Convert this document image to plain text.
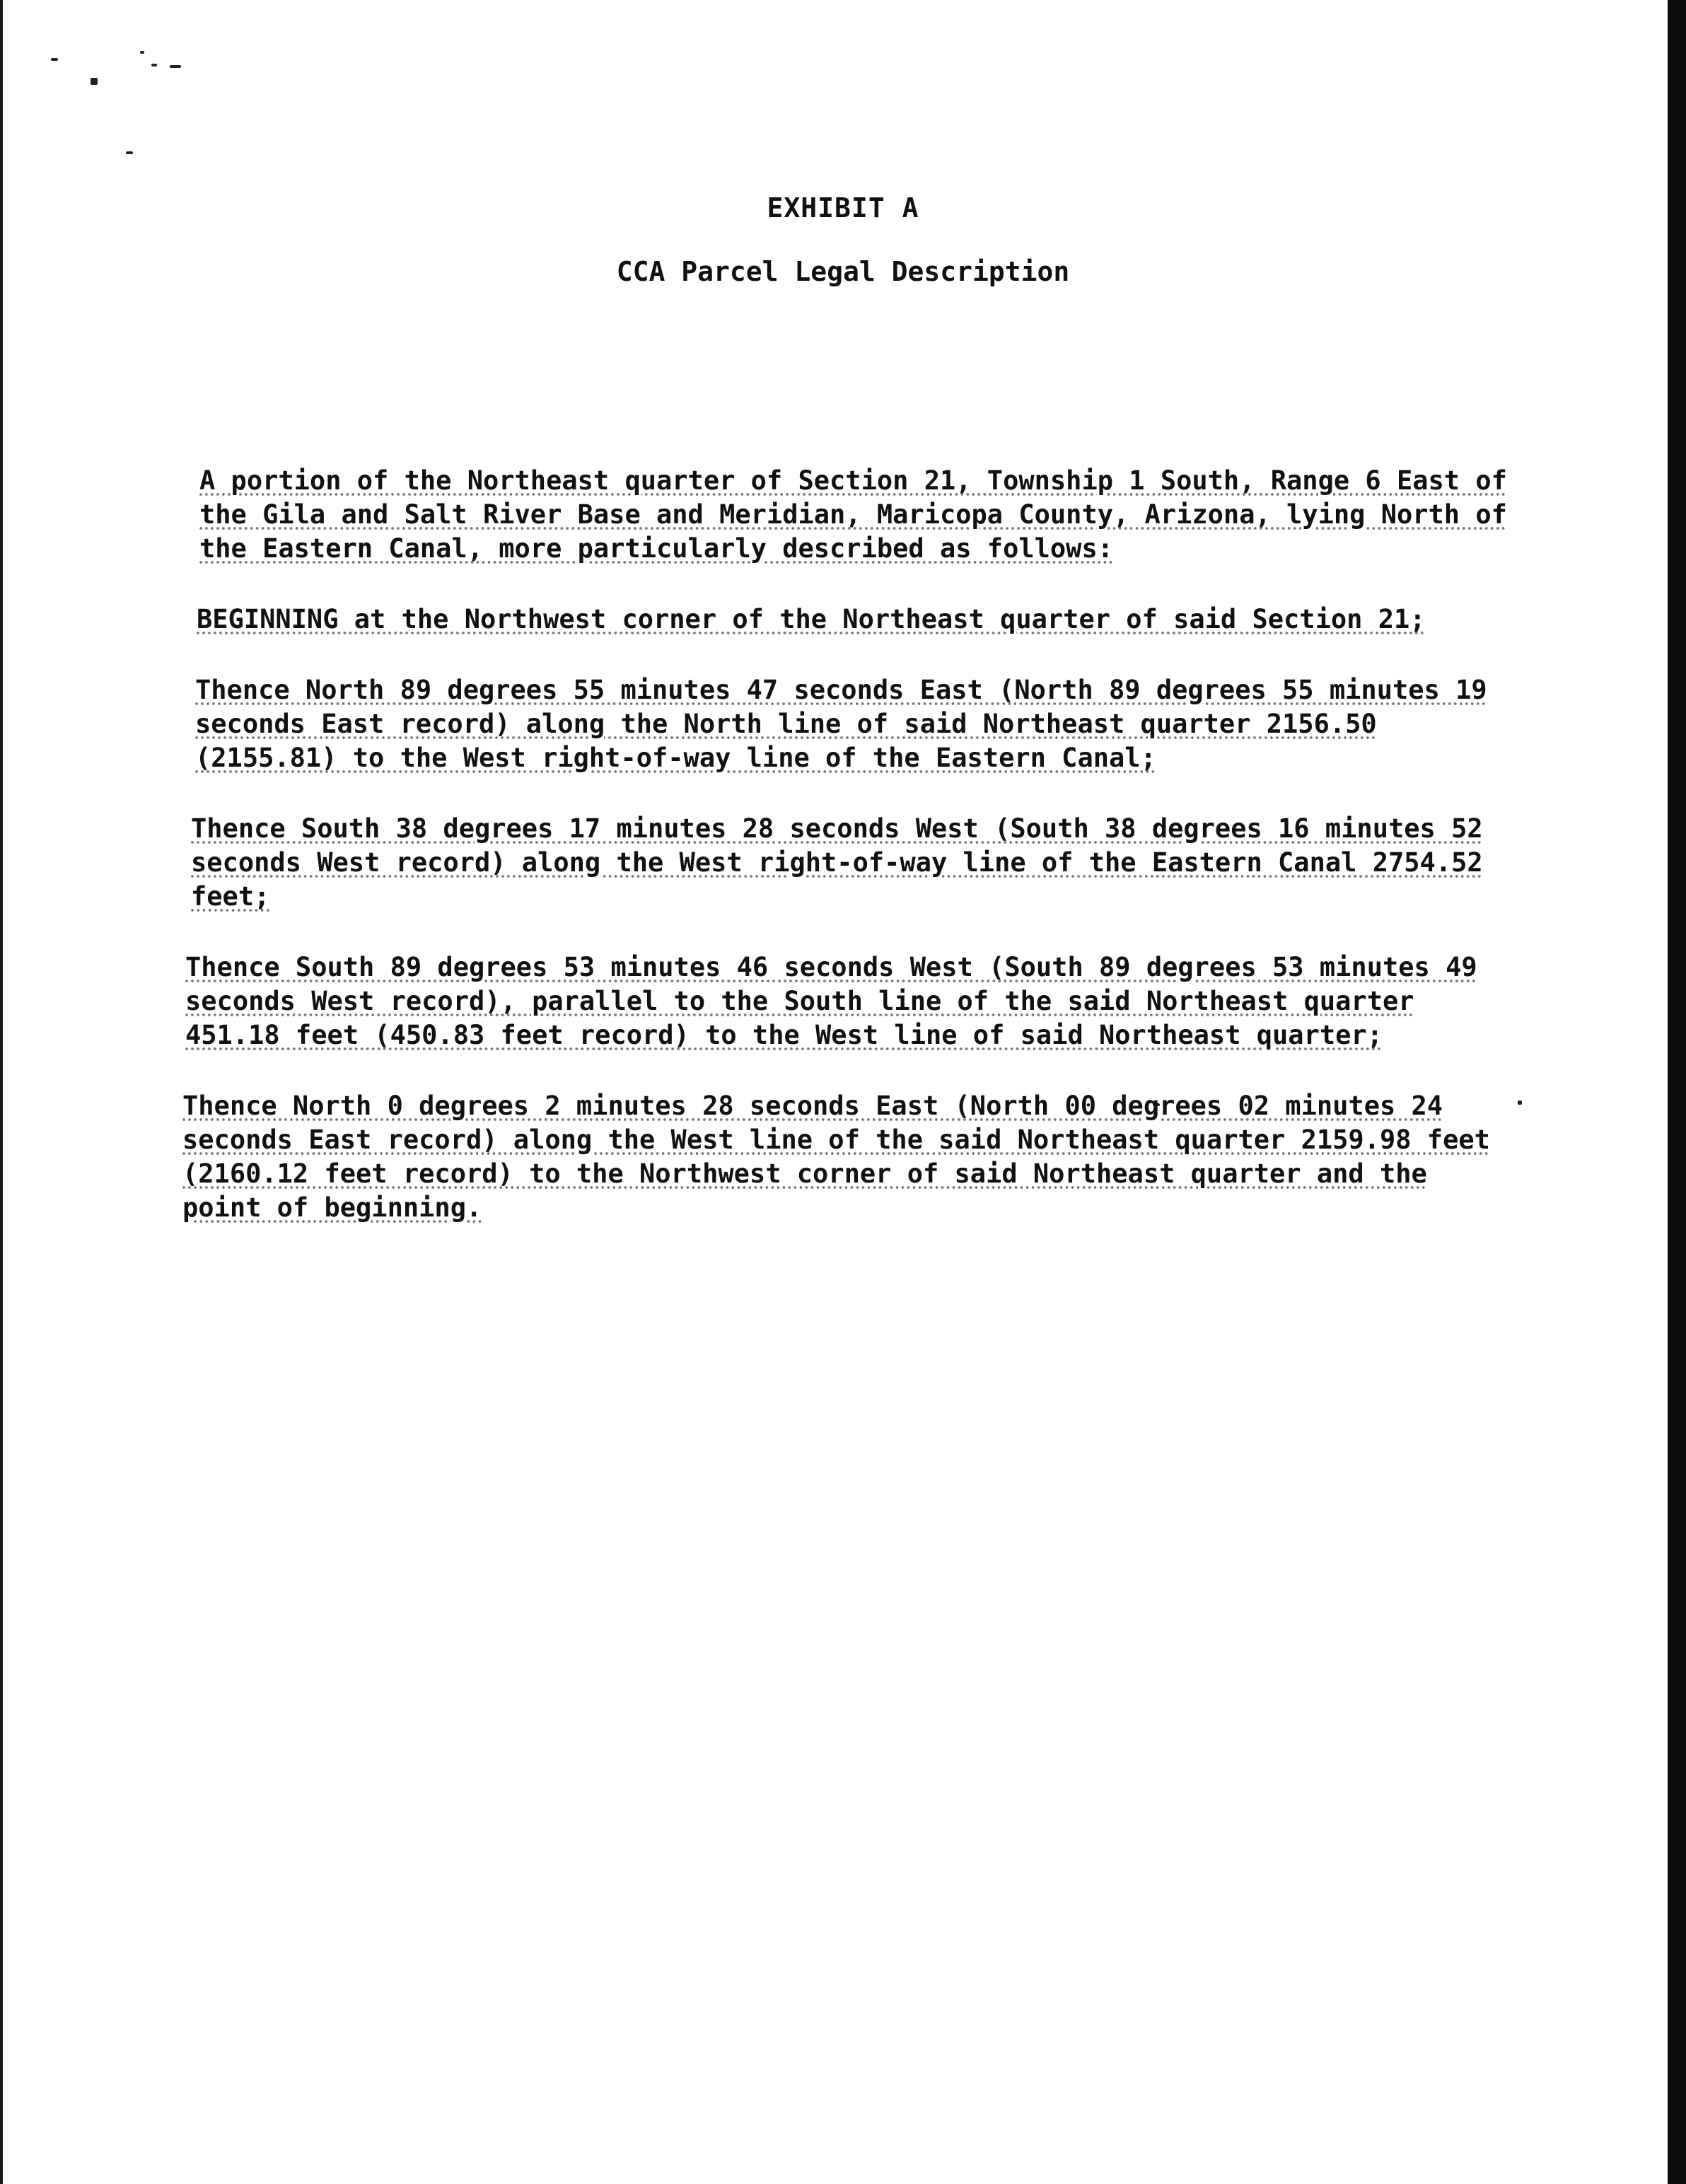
EXHIBIT A
CCA Parcel Legal Description

A portion of the Northeast quarter of Section 21, Township 1 South, Range 6 East of the Gila and Salt River Base and Meridian, Maricopa County, Arizona, lying North of the Eastern Canal, more particularly described as follows:

BEGINNING at the Northwest corner of the Northeast quarter of said Section 21;

Thence North 89 degrees 55 minutes 47 seconds East (North 89 degrees 55 minutes 19 seconds East record) along the North line of said Northeast quarter 2156.50 (2155.81) to the West right-of-way line of the Eastern Canal;

Thence South 38 degrees 17 minutes 28 seconds West (South 38 degrees 16 minutes 52 seconds West record) along the West right-of-way line of the Eastern Canal 2754.52 feet;

Thence South 89 degrees 53 minutes 46 seconds West (South 89 degrees 53 minutes 49 seconds West record), parallel to the South line of the said Northeast quarter 451.18 feet (450.83 feet record) to the West line of said Northeast quarter;

Thence North 0 degrees 2 minutes 28 seconds East (North 00 degrees 02 minutes 24 seconds East record) along the West line of the said Northeast quarter 2159.98 feet (2160.12 feet record) to the Northwest corner of said Northeast quarter and the point of beginning.
